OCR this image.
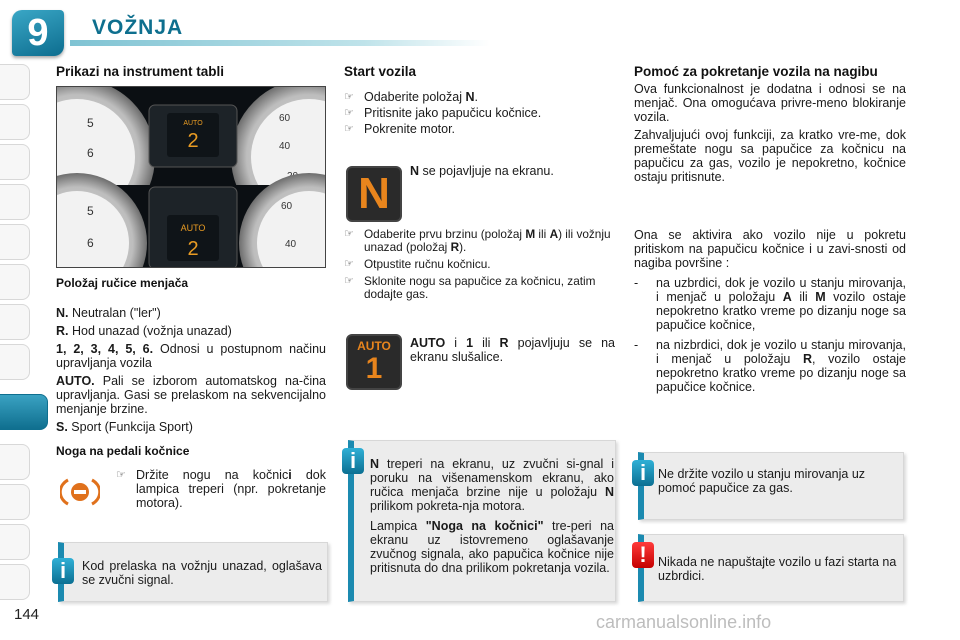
9	VOŽNJA
Prikazi na instrument tabli
5
6
60
40
AUTO
2
5
6
60
40
AUTO
2
Položaj ručice menjača
N. Neutralan ("ler")
R. Hod unazad (vožnja unazad)
1, 2, 3, 4, 5, 6. Odnosi u postupnom načinu upravljanja vozila
AUTO. Pali se izborom automatskog na-čina upravljanja. Gasi se prelaskom na sekvencijalno menjanje brzine.
S. Sport (Funkcija Sport)
Noga na pedali kočnice
☞ Držite nogu na kočnici dok lampica treperi (npr. pokretanje motora).
Kod prelaska na vožnju unazad, oglašava se zvučni signal.
i
Start vozila
☞ Odaberite položaj N.
☞ Pritisnite jako papučicu kočnice.
☞ Pokrenite motor.
N N se pojavljuje na ekranu.
☞ Odaberite prvu brzinu (položaj M ili A) ili vožnju unazad (položaj R).
☞ Otpustite ručnu kočnicu.
☞ Sklonite nogu sa papučice za kočnicu, zatim dodajte gas.
AUTO
1
AUTO i 1 ili R pojavljuju se na ekranu slušalice.

N treperi na ekranu, uz zvučni si-gnal i poruku na višenamenskom ekranu, ako ručica menjača brzine nije u položaju N prilikom pokreta-nja motora.

Lampica "Noga na kočnici" tre-peri na ekranu uz istovremeno oglašavanje zvučnog signala, ako papučica kočnice nije pritisnuta do dna prilikom pokretanja vozila.

i
Pomoć za pokretanje vozila na nagibu

Ova funkcionalnost je dodatna i odnosi se na menjač. Ona omogućava privre-meno blokiranje vozila.

Zahvaljujući ovoj funkciji, za kratko vre-me, dok premeštate nogu sa papučice za kočnicu na papučicu za gas, vozilo je nepokretno, kočnice ostaju pritisnute.

Ona se aktivira ako vozilo nije u pokretu pritiskom na papučicu kočnice i u zavi-snosti od nagiba površine :

-	na uzbrdici, dok je vozilo u stanju mirovanja, i menjač u položaju A ili M vozilo ostaje nepokretno kratko vreme po dizanju noge sa papučice kočnice,
-	na nizbrdici, dok je vozilo u stanju mirovanja, i menjač u položaju R, vozilo ostaje nepokretno kratko vreme po dizanju noge sa papučice kočnice.
Ne držite vozilo u stanju mirovanja uz pomoć papučice za gas.
i
Nikada ne napuštajte vozilo u fazi starta na uzbrdici.
!
144	carmanualsonline.info
